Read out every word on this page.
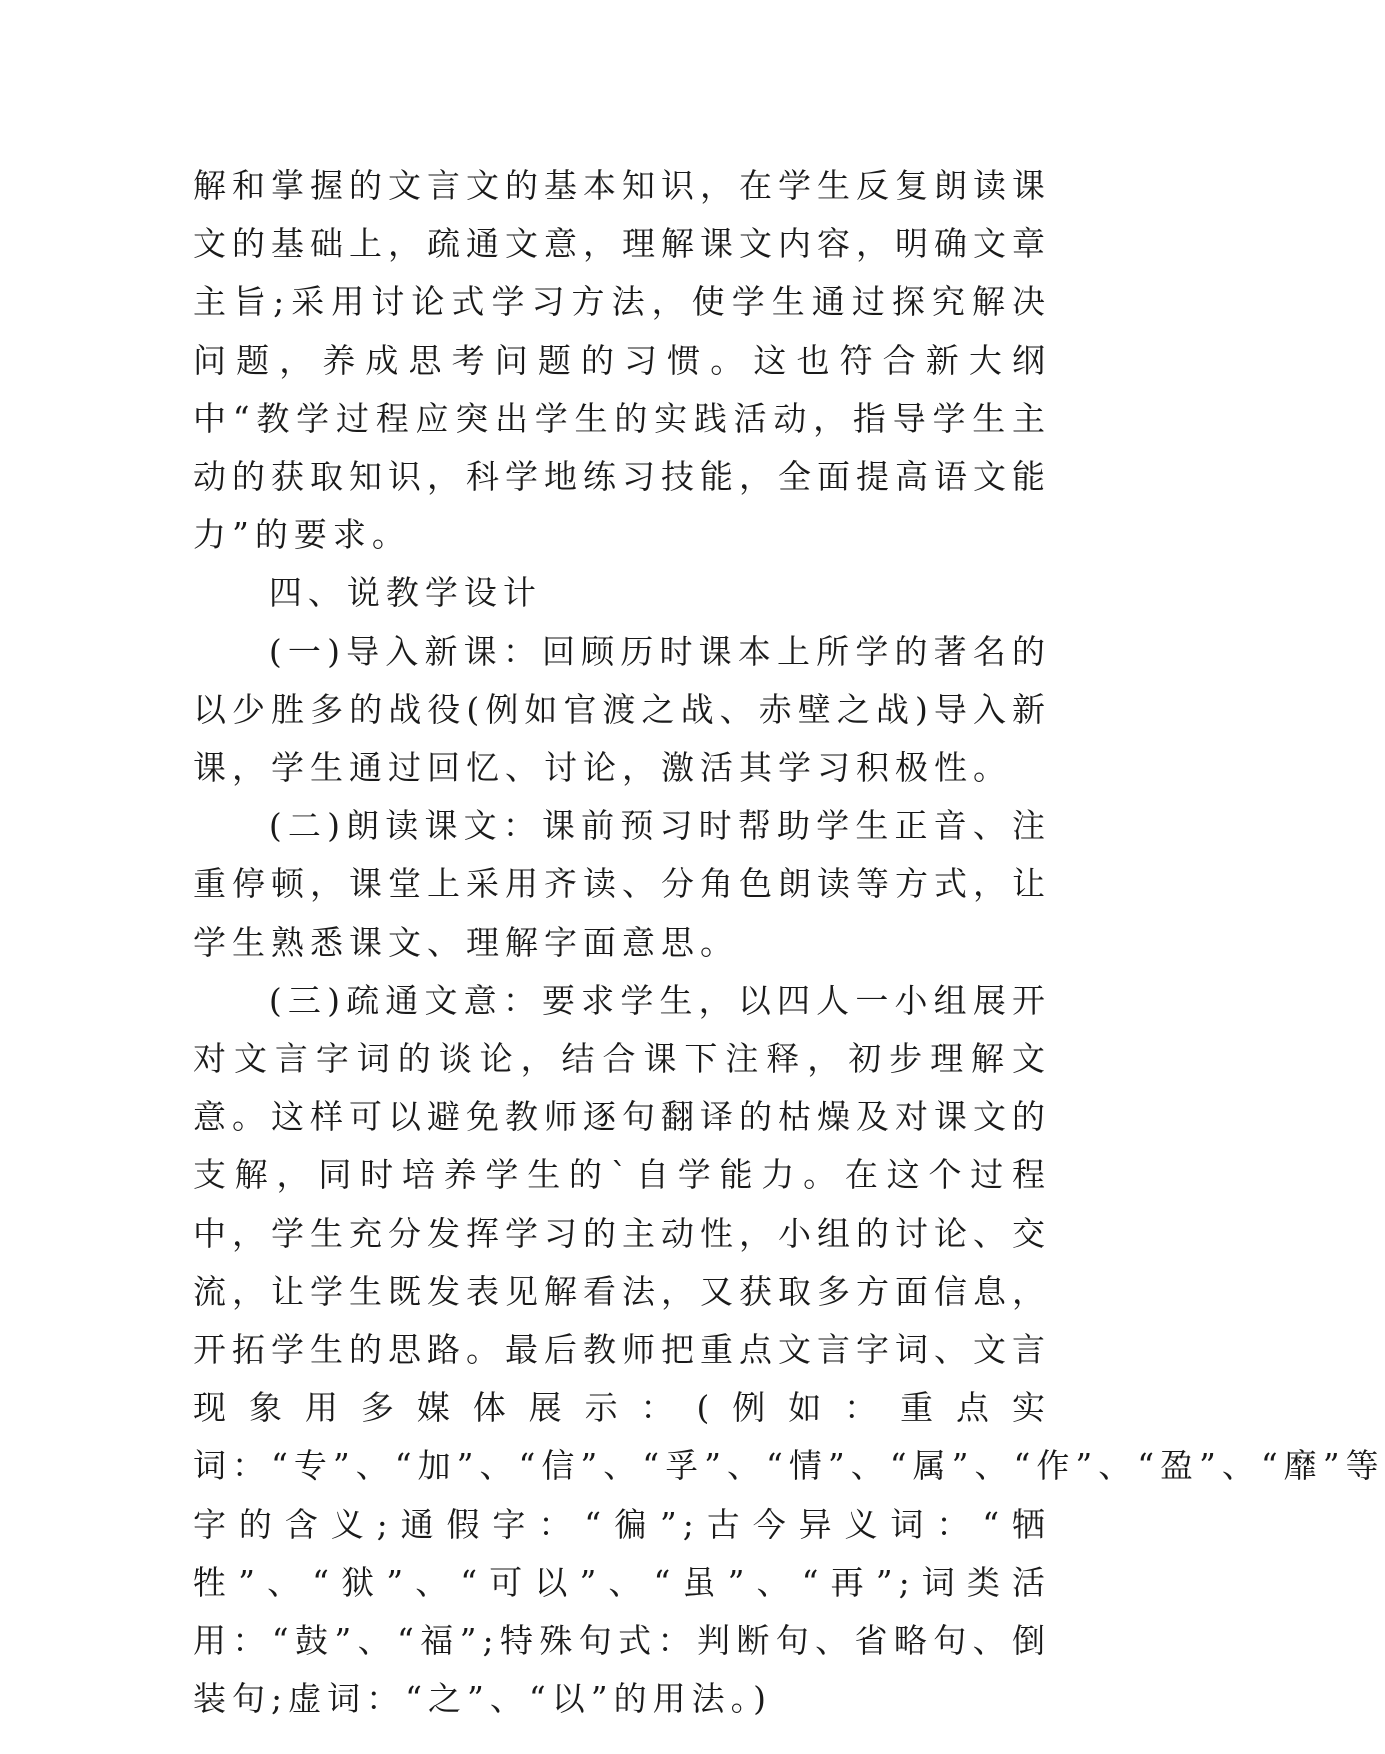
解和掌握的文言文的基本知识，在学生反复朗读课文的基础上，疏通文意，理解课文内容，明确文章主旨;采用讨论式学习方法，使学生通过探究解决问题，养成思考问题的习惯。这也符合新大纲中“教学过程应突出学生的实践活动，指导学生主动的获取知识，科学地练习技能，全面提高语文能力”的要求。

四、说教学设计

(一)导入新课：回顾历时课本上所学的著名的以少胜多的战役(例如官渡之战、赤壁之战)导入新课，学生通过回忆、讨论，激活其学习积极性。

(二)朗读课文：课前预习时帮助学生正音、注重停顿，课堂上采用齐读、分角色朗读等方式，让学生熟悉课文、理解字面意思。

(三)疏通文意：要求学生，以四人一小组展开对文言字词的谈论，结合课下注释，初步理解文意。这样可以避免教师逐句翻译的枯燥及对课文的支解，同时培养学生的`自学能力。在这个过程中，学生充分发挥学习的主动性，小组的讨论、交流，让学生既发表见解看法，又获取多方面信息，开拓学生的思路。最后教师把重点文言字词、文言现象用多媒体展示：(例如：重点实词：“专”、“加”、“信”、“孚”、“情”、“属”、“作”、“盈”、“靡”等字的含义;通假字：“徧”;古今异义词：“牺牲”、“狱”、“可以”、“虽”、“再”;词类活用：“鼓”、“福”;特殊句式：判断句、省略句、倒装句;虚词：“之”、“以”的用法。)
